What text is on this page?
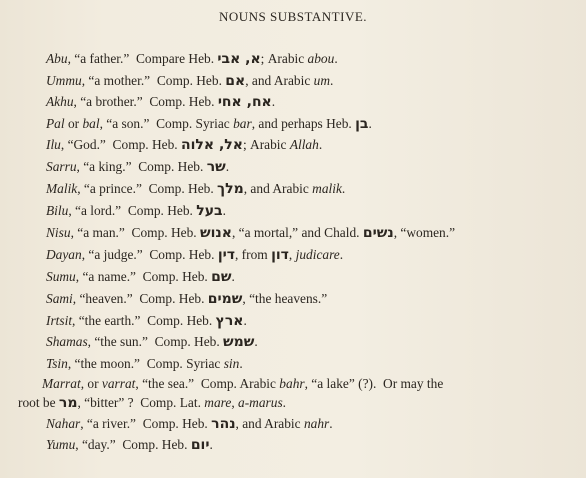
NOUNS SUBSTANTIVE.
Abu, “a father.”  Compare Heb. א, אבי; Arabic abou.
Ummu, “a mother.”  Comp. Heb. אם, and Arabic um.
Akhu, “a brother.”  Comp. Heb. אח, אחי.
Pal or bal, “a son.”  Comp. Syriac bar, and perhaps Heb. בן.
Ilu, “God.”  Comp. Heb. אל, אלוה; Arabic Allah.
Sarru, “a king.”  Comp. Heb. שר.
Malik, “a prince.”  Comp. Heb. מלך, and Arabic malik.
Bilu, “a lord.”  Comp. Heb. בעל.
Nisu, “a man.”  Comp. Heb. אנוש, “a mortal,” and Chald. נשים, “women.”
Dayan, “a judge.”  Comp. Heb. דין, from דון, judicare.
Sumu, “a name.”  Comp. Heb. שם.
Sami, “heaven.”  Comp. Heb. שמים, “the heavens.”
Irtsit, “the earth.”  Comp. Heb. ארץ.
Shamas, “the sun.”  Comp. Heb. שמש.
Tsin, “the moon.”  Comp. Syriac sin.
Marrat, or varrat, “the sea.”  Comp. Arabic bahr, “a lake” (?).  Or may the
root be מר, “bitter” ?  Comp. Lat. mare, a-marus.
Nahar, “a river.”  Comp. Heb. נהר, and Arabic nahr.
Yumu, “day.”  Comp. Heb. יום.
